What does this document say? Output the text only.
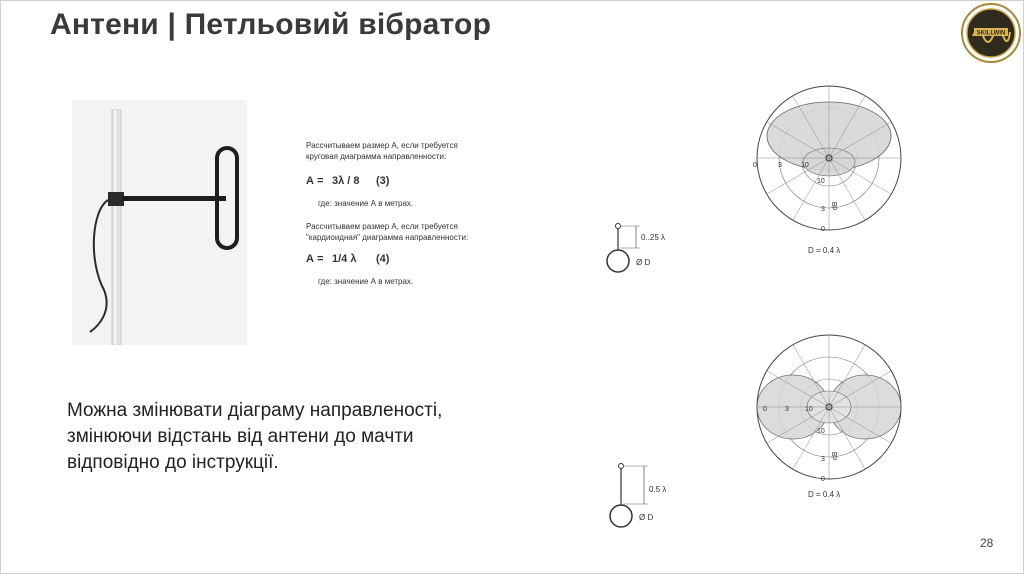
Антени | Петльовий вібратор	SKILLWIN
Рассчитываем размер А, если требуется
круговая диаграмма направленности:
А = 3λ / 8 (3)
где: значение А в метрах.
Рассчитываем размер А, если требуется
"кардиоидная" диаграмма направленности:
А = 1/4 λ (4)
где: значение А в метрах.
0..25 λ
Ø D
0.5 λ
Ø D
0	3	10
10
3
0
dB
D = 0.4 λ
0	3 10
10
3
0
dB
D = 0.4 λ
Можна змінювати діаграму направленості,
змінюючи відстань від антени до мачти
відповідно до інструкції.
28
